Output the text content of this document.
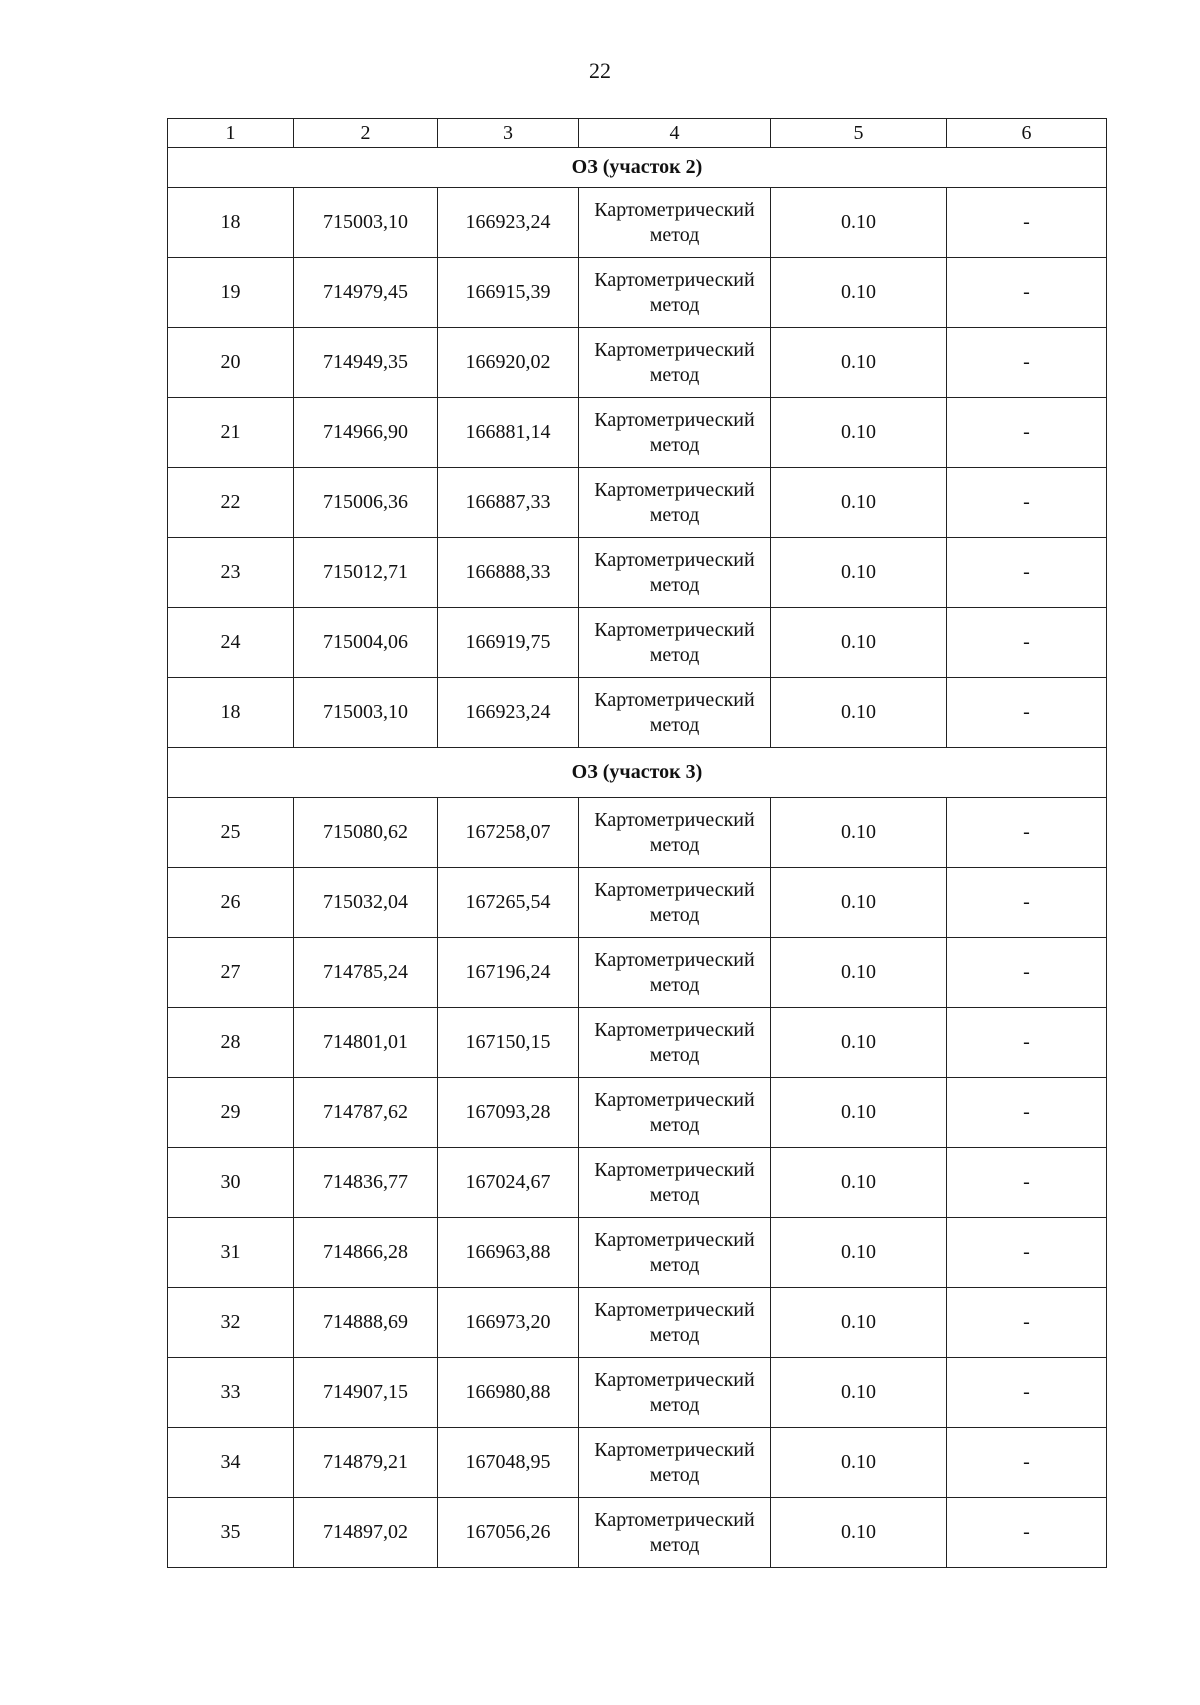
22
1	2	3	4	5	6
ОЗ (участок 2)					
18	715003,10	166923,24	Картометрический метод	0.10	-
19	714979,45	166915,39	Картометрический метод	0.10	-
20	714949,35	166920,02	Картометрический метод	0.10	-
21	714966,90	166881,14	Картометрический метод	0.10	-
22	715006,36	166887,33	Картометрический метод	0.10	-
23	715012,71	166888,33	Картометрический метод	0.10	-
24	715004,06	166919,75	Картометрический метод	0.10	-
18	715003,10	166923,24	Картометрический метод	0.10	-
ОЗ (участок 3)					
25	715080,62	167258,07	Картометрический метод	0.10	-
26	715032,04	167265,54	Картометрический метод	0.10	-
27	714785,24	167196,24	Картометрический метод	0.10	-
28	714801,01	167150,15	Картометрический метод	0.10	-
29	714787,62	167093,28	Картометрический метод	0.10	-
30	714836,77	167024,67	Картометрический метод	0.10	-
31	714866,28	166963,88	Картометрический метод	0.10	-
32	714888,69	166973,20	Картометрический метод	0.10	-
33	714907,15	166980,88	Картометрический метод	0.10	-
34	714879,21	167048,95	Картометрический метод	0.10	-
35	714897,02	167056,26	Картометрический метод	0.10	-
